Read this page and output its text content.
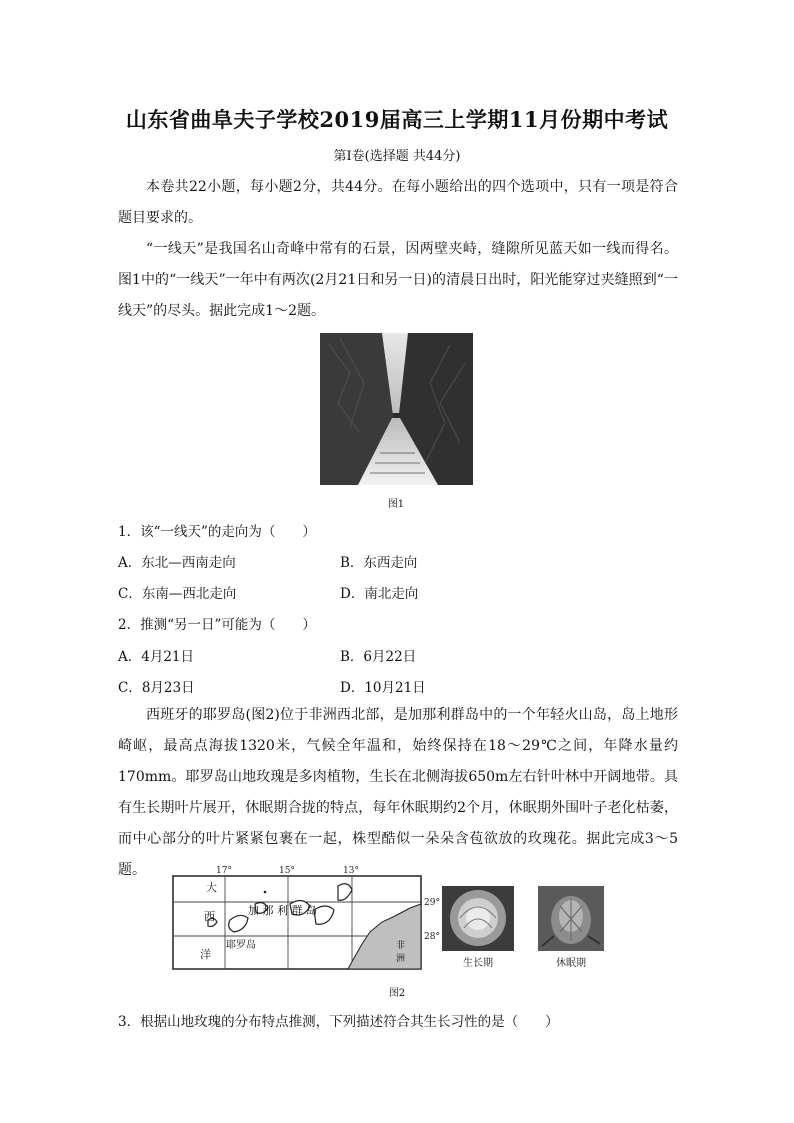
山东省曲阜夫子学校2019届高三上学期11月份期中考试
第Ⅰ卷(选择题 共44分)

本卷共22小题，每小题2分，共44分。在每小题给出的四个选项中，只有一项是符合题目要求的。

“一线天”是我国名山奇峰中常有的石景，因两壁夹峙，缝隙所见蓝天如一线而得名。图1中的“一线天”一年中有两次(2月21日和另一日)的清晨日出时，阳光能穿过夹缝照到“一线天”的尽头。据此完成1～2题。

图1
1．该“一线天”的走向为（　　）
A．东北—西南走向	B．东西走向
C．东南—西北走向	D．南北走向
2．推测“另一日”可能为（　　）
A．4月21日	B．6月22日
C．8月23日	D．10月21日

西班牙的耶罗岛(图2)位于非洲西北部，是加那利群岛中的一个年轻火山岛，岛上地形崎岖，最高点海拔1320米，气候全年温和，始终保持在18～29℃之间，年降水量约170mm。耶罗岛山地玫瑰是多肉植物，生长在北侧海拔650m左右针叶林中开阔地带。具有生长期叶片展开，休眠期合拢的特点，每年休眠期约2个月，休眠期外围叶子老化枯萎，而中心部分的叶片紧紧包裹在一起，株型酷似一朵朵含苞欲放的玫瑰花。据此完成3～5题。	17°	15°	13°
29°
28°
大
西
洋
加 那 利 群 岛
耶罗岛	非
洲	生长期	休眠期
图2
3．根据山地玫瑰的分布特点推测，下列描述符合其生长习性的是（　　）
